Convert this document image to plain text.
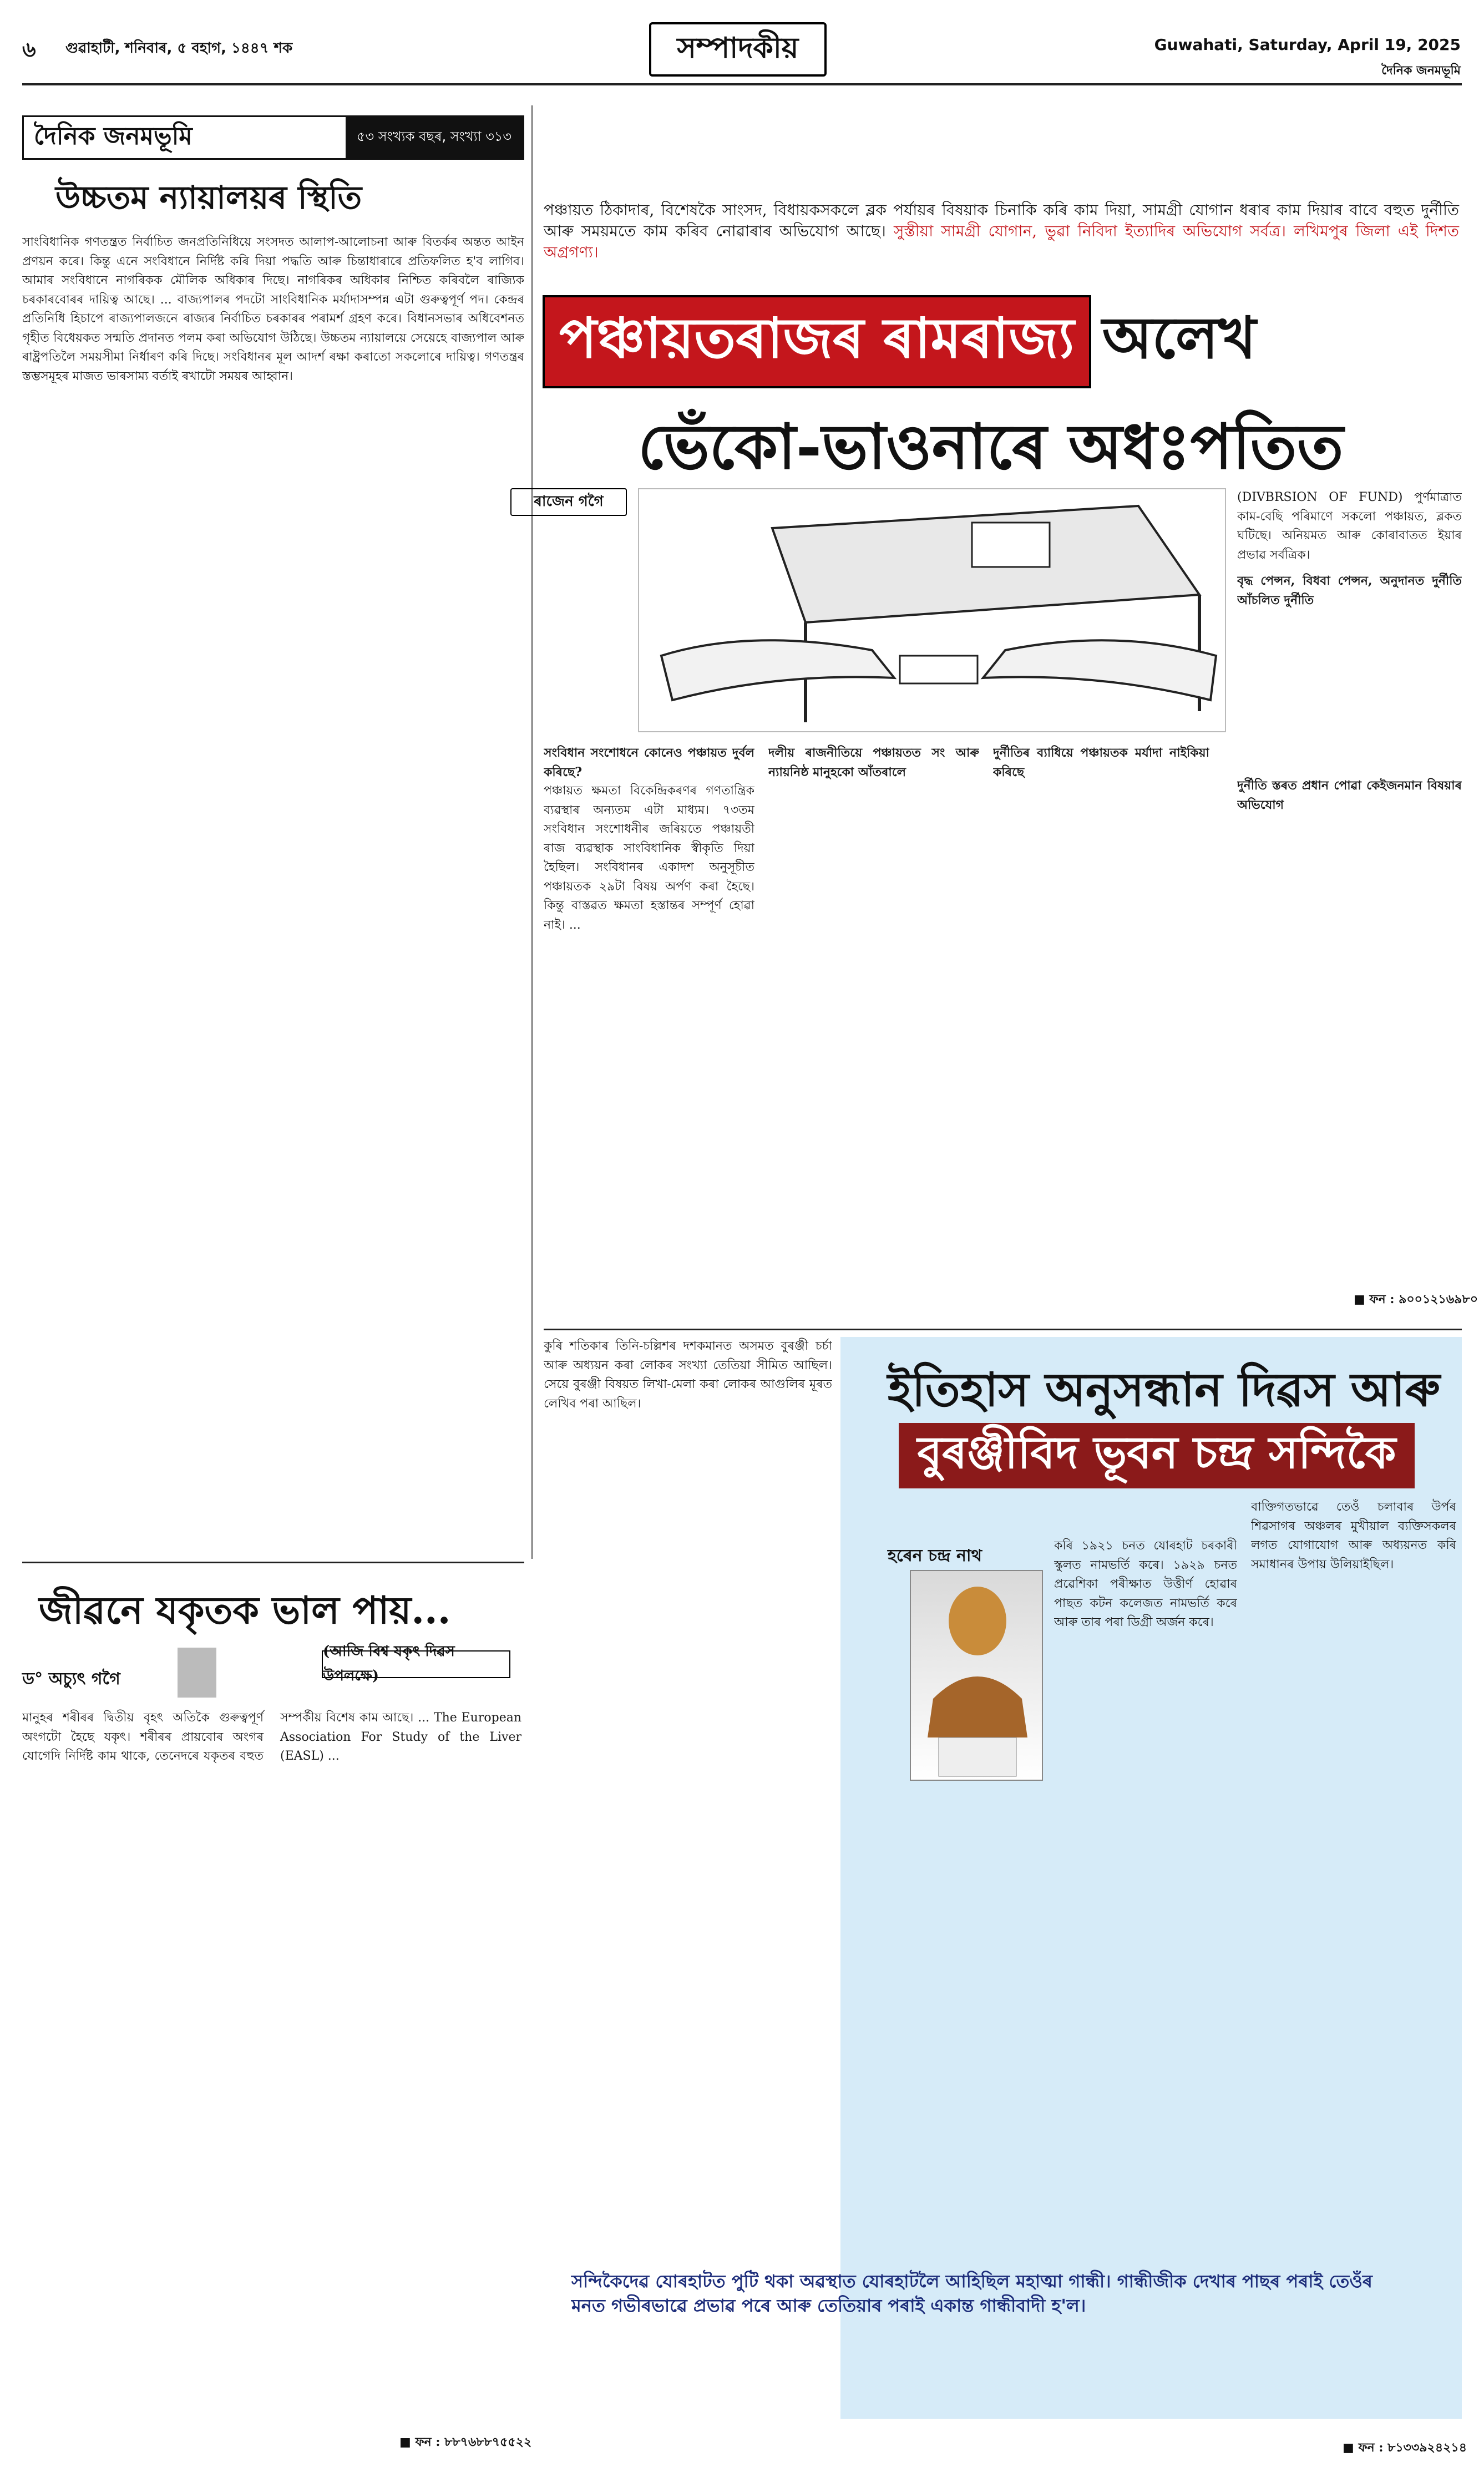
৬ গুৱাহাটী, শনিবাৰ, ৫ বহাগ, ১৪৪৭ শক	সম্পাদকীয়	Guwahati, Saturday, April 19, 2025
দৈনিক জনমভূমি
দৈনিক জনমভূমি	৫৩ সংখ্যক বছৰ, সংখ্যা ৩১৩
উচ্চতম ন্যায়ালয়ৰ স্থিতি
সাংবিধানিক গণতন্ত্ৰত নিৰ্বাচিত জনপ্ৰতিনিধিয়ে সংসদত আলাপ-আলোচনা আৰু বিতৰ্কৰ অন্তত আইন প্ৰণয়ন কৰে। কিন্তু এনে সংবিধানে নিৰ্দিষ্ট কৰি দিয়া পদ্ধতি আৰু চিন্তাধাৰাৰে প্ৰতিফলিত হ'ব লাগিব। আমাৰ সংবিধানে নাগৰিকক মৌলিক অধিকাৰ দিছে। নাগৰিকৰ অধিকাৰ নিশ্চিত কৰিবলৈ ৰাজ্যিক চৰকাৰবোৰৰ দায়িত্ব আছে। ... বাজ্যপালৰ পদটো সাংবিধানিক মৰ্যাদাসম্পন্ন এটা গুৰুত্বপূৰ্ণ পদ। কেন্দ্ৰৰ প্ৰতিনিধি হিচাপে ৰাজ্যপালজনে ৰাজ্যৰ নিৰ্বাচিত চৰকাৰৰ পৰামৰ্শ গ্ৰহণ কৰে। বিধানসভাৰ অধিবেশনত গৃহীত বিধেয়কত সন্মতি প্ৰদানত পলম কৰা অভিযোগ উঠিছে। উচ্চতম ন্যায়ালয়ে সেয়েহে বাজ্যপাল আৰু ৰাষ্ট্ৰপতিলৈ সময়সীমা নিৰ্ধাৰণ কৰি দিছে। সংবিধানৰ মূল আদৰ্শ ৰক্ষা কৰাতো সকলোৰে দায়িত্ব। গণতন্ত্ৰৰ স্তম্ভসমূহৰ মাজত ভাৰসাম্য বৰ্তাই ৰখাটো সময়ৰ আহ্বান।
পঞ্চায়ত ঠিকাদাৰ, বিশেষকৈ সাংসদ, বিধায়কসকলে ব্লক পৰ্যায়ৰ বিষয়াক চিনাকি কৰি কাম দিয়া, সামগ্ৰী যোগান ধৰাৰ কাম দিয়াৰ বাবে বহুত দুৰ্নীতি আৰু সময়মতে কাম কৰিব নোৱাৰাৰ অভিযোগ আছে। সুস্তীয়া সামগ্ৰী যোগান, ভুৱা নিবিদা ইত্যাদিৰ অভিযোগ সৰ্বত্ৰ। লখিমপুৰ জিলা এই দিশত অগ্ৰগণ্য।
পঞ্চায়তৰাজৰ ৰামৰাজ্য অলেখ
ভেঁকো-ভাওনাৰে অধঃপতিত
ৰাজেন গগৈ
সংবিধান সংশোধনে কোনেও পঞ্চায়ত দুৰ্বল কৰিছে?
পঞ্চায়ত ক্ষমতা বিকেন্দ্ৰিকৰণৰ গণতান্ত্ৰিক ব্যৱস্থাৰ অন্যতম এটা মাধ্যম। ৭৩তম সংবিধান সংশোধনীৰ জৰিয়তে পঞ্চায়তী ৰাজ ব্যৱস্থাক সাংবিধানিক স্বীকৃতি দিয়া হৈছিল। সংবিধানৰ একাদশ অনুসূচীত পঞ্চায়তক ২৯টা বিষয় অৰ্পণ কৰা হৈছে। কিন্তু বাস্তৱত ক্ষমতা হস্তান্তৰ সম্পূৰ্ণ হোৱা নাই। ...
দলীয় ৰাজনীতিয়ে পঞ্চায়তত সং আৰু ন্যায়নিষ্ঠ মানুহকো আঁতৰালে
দুৰ্নীতিৰ ব্যাধিয়ে পঞ্চায়তক মৰ্যাদা নাইকিয়া কৰিছে
(DIVBRSION OF FUND) পুৰ্ণমাত্ৰাত কাম-বেছি পৰিমাণে সকলো পঞ্চায়ত, ব্লকত ঘটিছে। অনিয়মত আৰু কোৰাবাতত ইয়াৰ প্ৰভাৱ সৰ্বত্ৰিক।
বৃদ্ধ পেন্সন, বিধবা পেন্সন, অনুদানত দুৰ্নীতি আঁচলিত দুৰ্নীতি
দুৰ্নীতি স্তৰত প্ৰধান পোৱা কেইজনমান বিষয়াৰ অভিযোগ
■ ফন : ৯০০১২১৬৯৮০
জীৱনে যকৃতক ভাল পায়...
ড° অচ্যুৎ গগৈ
(আজি বিশ্ব যকৃৎ দিৱস উপলক্ষে)
মানুহৰ শৰীৰৰ দ্বিতীয় বৃহৎ অতিকৈ গুৰুত্বপূৰ্ণ অংগটো হৈছে যকৃৎ। শৰীৰৰ প্ৰায়বোৰ অংগৰ যোগেদি নিৰ্দিষ্ট কাম থাকে, তেনেদৰে যকৃতৰ বহুত সম্পৰ্কীয় বিশেষ কাম আছে। ... The European Association For Study of the Liver (EASL) ...
■ ফন : ৮৮৭৬৮৮৭৫৫২২
কুৰি শতিকাৰ তিনি-চল্লিশৰ দশকমানত অসমত বুৰঞ্জী চৰ্চা আৰু অধ্যয়ন কৰা লোকৰ সংখ্যা তেতিয়া সীমিত আছিল। সেয়ে বুৰঞ্জী বিষয়ত লিখা-মেলা কৰা লোকৰ আগুলিৰ মূৰত লেখিব পৰা আছিল।	ইতিহাস অনুসন্ধান দিৱস আৰু
বুৰঞ্জীবিদ ভূবন চন্দ্ৰ সন্দিকৈ
হৰেন চন্দ্ৰ নাথ
কৰি ১৯২১ চনত যোৰহাট চৰকাৰী স্কুলত নামভৰ্তি কৰে। ১৯২৯ চনত প্ৰৱেশিকা পৰীক্ষাত উত্তীৰ্ণ হোৱাৰ পাছত কটন কলেজত নামভৰ্তি কৰে আৰু তাৰ পৰা ডিগ্ৰী অৰ্জন কৰে।
বাক্তিগতভাৱে তেওঁ চলাবাৰ উৰ্পৰ শিৱসাগৰ অঞ্চলৰ মুখীয়াল ব্যক্তিসকলৰ লগত যোগাযোগ আৰু অধ্যয়নত কৰি সমাধানৰ উপায় উলিয়াইছিল।
সন্দিকৈদেৱ যোৰহাটত পুটি থকা অৱস্থাত যোৰহাটলৈ আহিছিল মহাত্মা গান্ধী। গান্ধীজীক দেখাৰ পাছৰ পৰাই তেওঁৰ মনত গভীৰভাৱে প্ৰভাৱ পৰে আৰু তেতিয়াৰ পৰাই একান্ত গান্ধীবাদী হ'ল।
■ ফন : ৮১৩৩৯২৪২১৪
